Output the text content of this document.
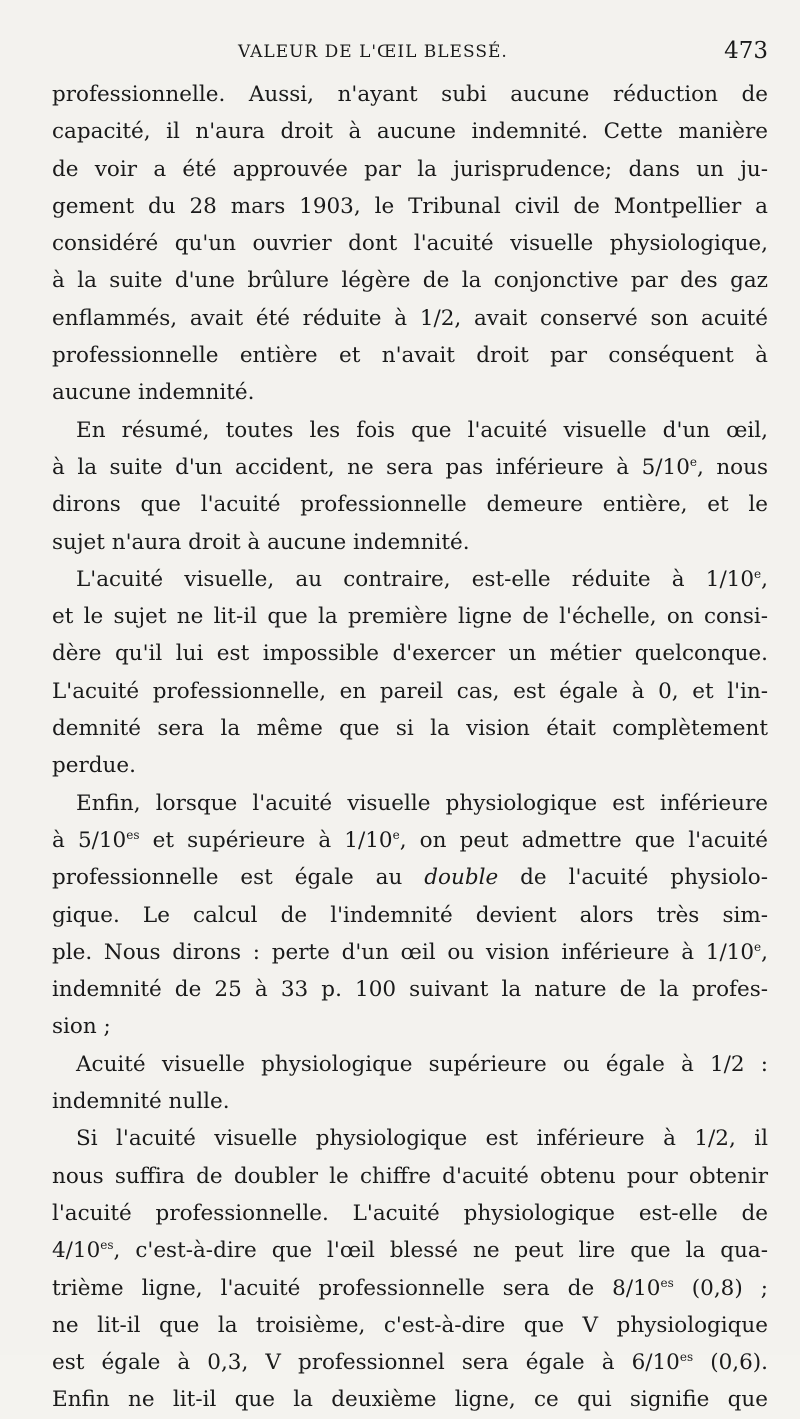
VALEUR DE L'ŒIL BLESSÉ.	473
professionnelle. Aussi, n'ayant subi aucune réduction de
capacité, il n'aura droit à aucune indemnité. Cette manière
de voir a été approuvée par la jurisprudence; dans un ju-
gement du 28 mars 1903, le Tribunal civil de Montpellier a
considéré qu'un ouvrier dont l'acuité visuelle physiologique,
à la suite d'une brûlure légère de la conjonctive par des gaz
enflammés, avait été réduite à 1/2, avait conservé son acuité
professionnelle entière et n'avait droit par conséquent à
aucune indemnité.
En résumé, toutes les fois que l'acuité visuelle d'un œil,
à la suite d'un accident, ne sera pas inférieure à 5/10e, nous
dirons que l'acuité professionnelle demeure entière, et le
sujet n'aura droit à aucune indemnité.
L'acuité visuelle, au contraire, est-elle réduite à 1/10e,
et le sujet ne lit-il que la première ligne de l'échelle, on consi-
dère qu'il lui est impossible d'exercer un métier quelconque.
L'acuité professionnelle, en pareil cas, est égale à 0, et l'in-
demnité sera la même que si la vision était complètement
perdue.
Enfin, lorsque l'acuité visuelle physiologique est inférieure
à $5/10^{es}$ et supérieure à 1/10e, on peut admettre que l'acuité
professionnelle est égale au double de l'acuité physiolo-
gique. Le calcul de l'indemnité devient alors très sim-
ple. Nous dirons : perte d'un œil ou vision inférieure à 1/10e,
indemnité de 25 à 33 p. 100 suivant la nature de la profes-
sion ;
Acuité visuelle physiologique supérieure ou égale à 1/2 :
indemnité nulle.
Si l'acuité visuelle physiologique est inférieure à 1/2, il
nous suffira de doubler le chiffre d'acuité obtenu pour obtenir
l'acuité professionnelle. L'acuité physiologique est-elle de
$4/10^{es}$, c'est-à-dire que l'œil blessé ne peut lire que la qua-
trième ligne, l'acuité professionnelle sera de $8/10^{es}$ (0,8) ;
ne lit-il que la troisième, c'est-à-dire que V physiologique
est égale à 0,3, V professionnel sera égale à $6/10^{es}$ (0,6).
Enfin ne lit-il que la deuxième ligne, ce qui signifie que
